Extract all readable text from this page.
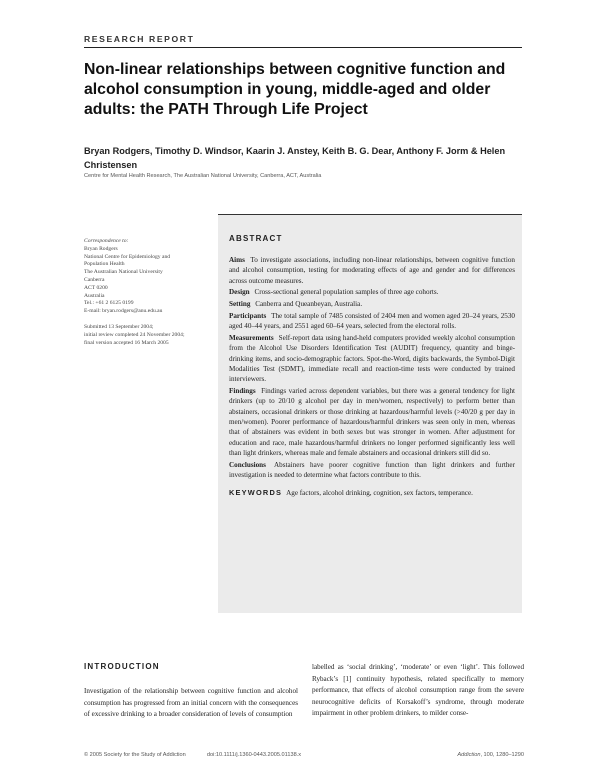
RESEARCH REPORT
Non-linear relationships between cognitive function and alcohol consumption in young, middle-aged and older adults: the PATH Through Life Project
Bryan Rodgers, Timothy D. Windsor, Kaarin J. Anstey, Keith B. G. Dear, Anthony F. Jorm & Helen Christensen
Centre for Mental Health Research, The Australian National University, Canberra, ACT, Australia
Correspondence to:
Bryan Rodgers
National Centre for Epidemiology and
Population Health
The Australian National University
Canberra
ACT 0200
Australia
Tel.: +61 2 6125 0199
E-mail: bryan.rodgers@anu.edu.au
Submitted 13 September 2004;
initial review completed 24 November 2004;
final version accepted 16 March 2005
ABSTRACT

Aims To investigate associations, including non-linear relationships, between cognitive function and alcohol consumption, testing for moderating effects of age and gender and for differences across outcome measures.

Design Cross-sectional general population samples of three age cohorts.

Setting Canberra and Queanbeyan, Australia.

Participants The total sample of 7485 consisted of 2404 men and women aged 20–24 years, 2530 aged 40–44 years, and 2551 aged 60–64 years, selected from the electoral rolls.

Measurements Self-report data using hand-held computers provided weekly alcohol consumption from the Alcohol Use Disorders Identification Test (AUDIT) frequency, quantity and binge-drinking items, and socio-demographic factors. Spot-the-Word, digits backwards, the Symbol-Digit Modalities Test (SDMT), immediate recall and reaction-time tests were conducted by trained interviewers.

Findings Findings varied across dependent variables, but there was a general tendency for light drinkers (up to 20/10 g alcohol per day in men/women, respectively) to perform better than abstainers, occasional drinkers or those drinking at hazardous/harmful levels (>40/20 g per day in men/women). Poorer performance of hazardous/harmful drinkers was seen only in men, whereas that of abstainers was evident in both sexes but was stronger in women. After adjustment for education and race, male hazardous/harmful drinkers no longer performed significantly less well than light drinkers, whereas male and female abstainers and occasional drinkers still did so.

Conclusions Abstainers have poorer cognitive function than light drinkers and further investigation is needed to determine what factors contribute to this.

KEYWORDS Age factors, alcohol drinking, cognition, sex factors, temperance.

INTRODUCTION
Investigation of the relationship between cognitive function and alcohol consumption has progressed from an initial concern with the consequences of excessive drinking to a broader consideration of levels of consumption
labelled as ‘social drinking’, ‘moderate’ or even ‘light’. This followed Ryback’s [1] continuity hypothesis, related specifically to memory performance, that effects of alcohol consumption range from the severe neurocognitive deficits of Korsakoff’s syndrome, through moderate impairment in other problem drinkers, to milder conse-
© 2005 Society for the Study of Addiction	doi:10.1111/j.1360-0443.2005.01138.x	Addiction, 100, 1280–1290
